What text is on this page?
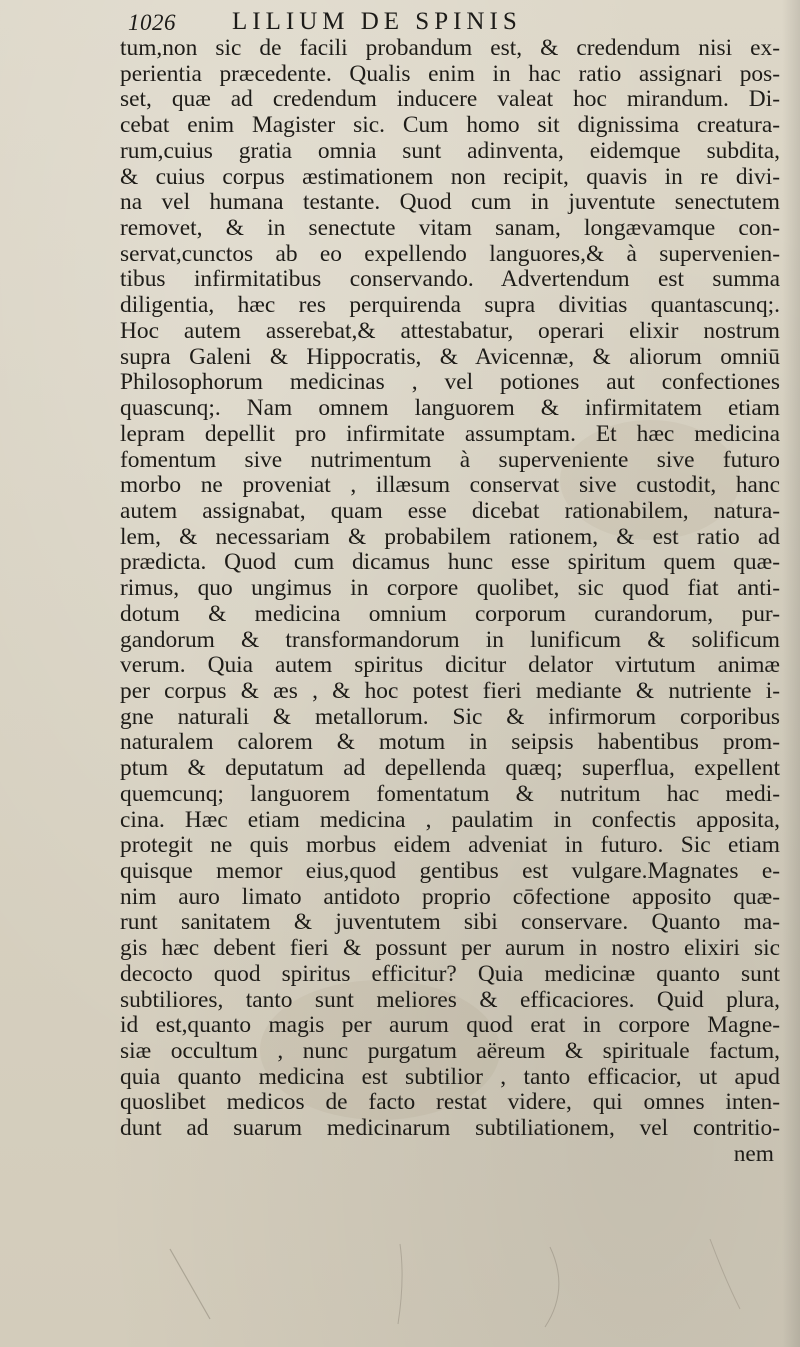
1026 LILIUM DE SPINIS
tum,non sic de facili probandum est, & credendum nisi ex-
perientia præcedente. Qualis enim in hac ratio assignari pos-
set, quæ ad credendum inducere valeat hoc mirandum. Di-
cebat enim Magister sic. Cum homo sit dignissima creatura-
rum,cuius gratia omnia sunt adinventa, eidemque subdita,
& cuius corpus æstimationem non recipit, quavis in re divi-
na vel humana testante. Quod cum in juventute senectutem
removet, & in senectute vitam sanam, longævamque con-
servat,cunctos ab eo expellendo languores,& à supervenien-
tibus infirmitatibus conservando. Advertendum est summa
diligentia, hæc res perquirenda supra divitias quantascunq;.
Hoc autem asserebat,& attestabatur, operari elixir nostrum
supra Galeni & Hippocratis, & Avicennæ, & aliorum omniū
Philosophorum medicinas , vel potiones aut confectiones
quascunq;. Nam omnem languorem & infirmitatem etiam
lepram depellit pro infirmitate assumptam. Et hæc medicina
fomentum sive nutrimentum à superveniente sive futuro
morbo ne proveniat , illæsum conservat sive custodit, hanc
autem assignabat, quam esse dicebat rationabilem, natura-
lem, & necessariam & probabilem rationem, & est ratio ad
prædicta. Quod cum dicamus hunc esse spiritum quem quæ-
rimus, quo ungimus in corpore quolibet, sic quod fiat anti-
dotum & medicina omnium corporum curandorum, pur-
gandorum & transformandorum in lunificum & solificum
verum. Quia autem spiritus dicitur delator virtutum animæ
per corpus & æs , & hoc potest fieri mediante & nutriente i-
gne naturali & metallorum. Sic & infirmorum corporibus
naturalem calorem & motum in seipsis habentibus prom-
ptum & deputatum ad depellenda quæq; superflua, expellent
quemcunq; languorem fomentatum & nutritum hac medi-
cina. Hæc etiam medicina , paulatim in confectis apposita,
protegit ne quis morbus eidem adveniat in futuro. Sic etiam
quisque memor eius,quod gentibus est vulgare.Magnates e-
nim auro limato antidoto proprio cōfectione apposito quæ-
runt sanitatem & juventutem sibi conservare. Quanto ma-
gis hæc debent fieri & possunt per aurum in nostro elixiri sic
decocto quod spiritus efficitur? Quia medicinæ quanto sunt
subtiliores, tanto sunt meliores & efficaciores. Quid plura,
id est,quanto magis per aurum quod erat in corpore Magne-
siæ occultum , nunc purgatum aëreum & spirituale factum,
quia quanto medicina est subtilior , tanto efficacior, ut apud
quoslibet medicos de facto restat videre, qui omnes inten-
dunt ad suarum medicinarum subtiliationem, vel contritio-
nem
